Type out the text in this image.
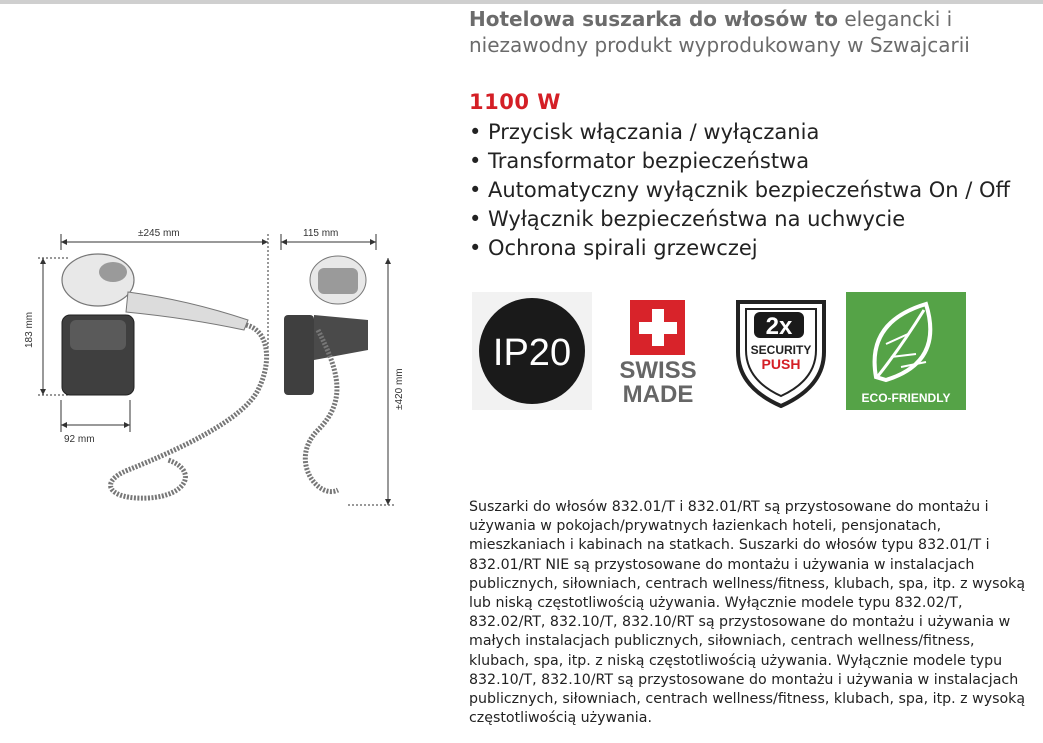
±245 mm	115 mm
183 mm
±420 mm
92 mm
Hotelowa suszarka do włosów to elegancki i niezawodny produkt wyprodukowany w Szwajcarii
1100 W
• Przycisk włączania / wyłączania
• Transformator bezpieczeństwa
• Automatyczny wyłącznik bezpieczeństwa On / Off
• Wyłącznik bezpieczeństwa na uchwycie
• Ochrona spirali grzewczej
IP20 SWISS
MADE
2x
SECURITY
PUSH
ECO-FRIENDLY
Suszarki do włosów 832.01/T i 832.01/RT są przystosowane do montażu i używania w pokojach/prywatnych łazienkach hoteli, pensjonatach, mieszkaniach i kabinach na statkach. Suszarki do włosów typu 832.01/T i 832.01/RT NIE są przystosowane do montażu i używania w instalacjach publicznych, siłowniach, centrach wellness/fitness, klubach, spa, itp. z wysoką lub niską częstotliwością używania. Wyłącznie modele typu 832.02/T, 832.02/RT, 832.10/T, 832.10/RT są przystosowane do montażu i używania w małych instalacjach publicznych, siłowniach, centrach wellness/fitness, klubach, spa, itp. z niską częstotliwością używania. Wyłącznie modele typu 832.10/T, 832.10/RT są przystosowane do montażu i używania w instalacjach publicznych, siłowniach, centrach wellness/fitness, klubach, spa, itp. z wysoką częstotliwością używania.
